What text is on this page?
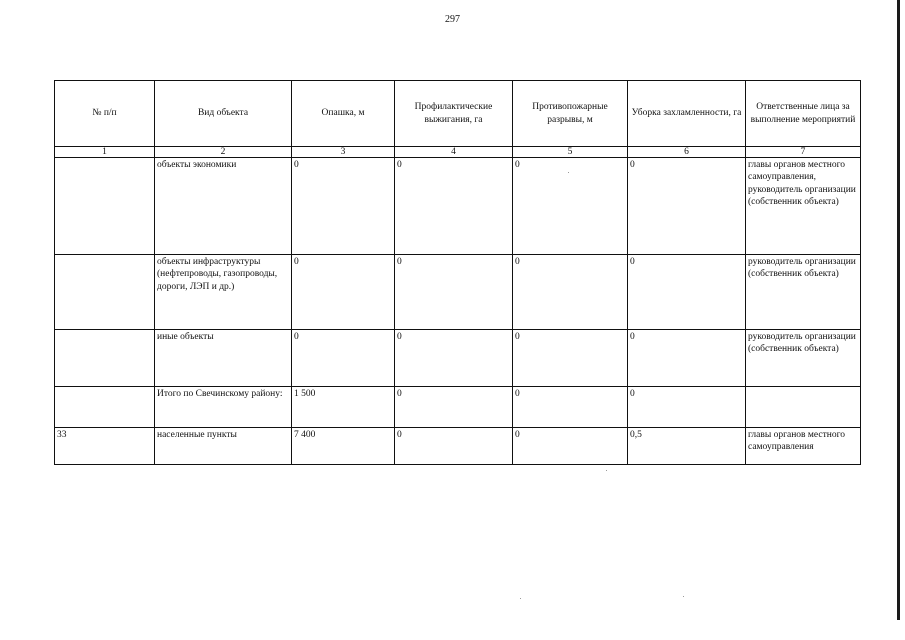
297
№ п/п	Вид объекта	Опашка, м	Профилактические выжигания, га	Противопожарные разрывы, м	Уборка захламленности, га	Ответственные лица за выполнение мероприятий
1	2	3	4	5	6	7
	объекты экономики	0	0	0	0	главы органов местного самоуправления, руководитель организации (собственник объекта)
	объекты инфраструктуры (нефтепроводы, газопроводы, дороги, ЛЭП и др.)	0	0	0	0	руководитель организации (собственник объекта)
	иные объекты	0	0	0	0	руководитель организации (собственник объекта)
	Итого по Свечинскому району:	1 500	0	0	0	
33	населенные пункты	7 400	0	0	0,5	главы органов местного самоуправления
